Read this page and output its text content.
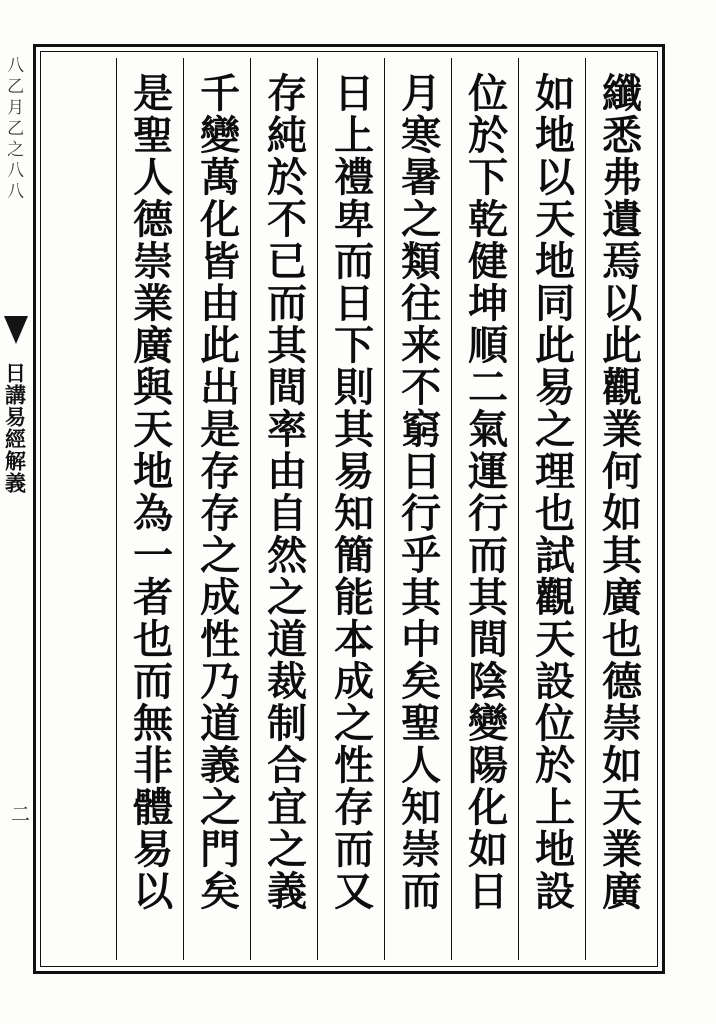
八乙月乙之八八
日講易經解義
二	纖悉弗遺焉以此觀業何如其廣也德崇如天業廣
如地以天地同此易之理也試觀天設位於上地設
位於下乾健坤順二氣運行而其間陰變陽化如日
月寒暑之類往来不窮日行乎其中矣聖人知崇而
日上禮卑而日下則其易知簡能本成之性存而又
存純於不已而其間率由自然之道裁制合宜之義
千變萬化皆由此出是存存之成性乃道義之門矣
是聖人德崇業廣與天地為一者也而無非體易以
